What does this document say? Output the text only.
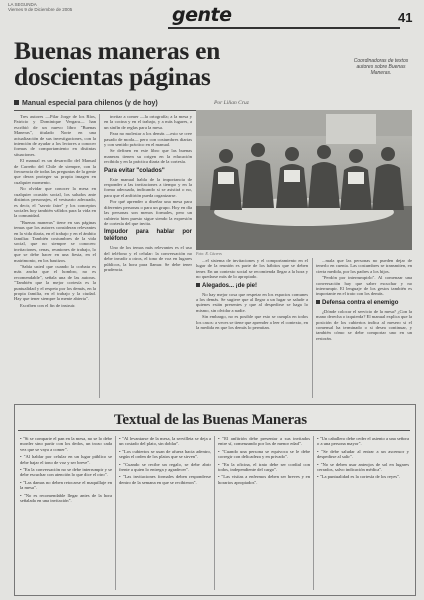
LA SEGUNDA
Viernes 9 de Diciembre de 2005	gente	41
Buenas maneras en doscientas páginas
Coordinadoras de textos autores sobre Buenas Maneras.
Manual especial para chilenos (y de hoy)	Por Lilian Cruz

Tres autores —Pilar Jorge de los Ríos, Patricio y Dominique Vergara— han escribió de un nuevo libro "Buenas Maneras", titulado Norte en una actualización de sus investigaciones, con la intención de ayudar a los lectores a conocer formas de comportamiento en distintas situaciones.

El manual es un desarrollo del Manual de Carreño del Chile de siempre, con la frecuencia de todas las preguntas de la gente que desea proteger su propia imagen en cualquier momento.

No olvidar que conocer la mesa en cualquier ocasión social, los saludos ante distintos personajes, el vestuario adecuado, es decir, el "savoir faire" y los conceptos sociales hoy también válidos para la vida en la comunidad.

"Buenas maneras" tiene en sus páginas temas que los autores consideran relevantes en la vida diaria, en el trabajo y en el ámbito familiar. También costumbres de la vida social, que no siempre se conocen: invitaciones, cenas, reuniones de trabajo, lo que se debe hacer en una fiesta, en el matrimonio, en los bautizos.

"Sabía usted que cuando la corbata es más ancha que el hombro, no es recomendable", señala una de las autoras. "También que la mejor cortesía es la puntualidad y el respeto por los demás, en la propia familia, en el trabajo y la ciudad. Hay que tener siempre la mente abierta".

Escriben con el fin de instruir.

invitar a comer —la ortografía; a la mesa y en la cocina y en el trabajo, y a más lugares, a un sinfín de reglas para la mesa.

Para no molestar a los demás —esto se cree pasado de moda— pero con costumbres diarias y con sentido práctico en el manual.

Se definen en este libro que las buenas maneras tienen su origen en la educación recibida y en la práctica diaria de la cortesía.

Para evitar "colados"

Este manual habla de la importancia de responder a las invitaciones a tiempo y en la forma adecuada, indicando si se asistirá o no, para que el anfitrión pueda organizarse.

Por qué aprender a diseñar una mesa para diferentes personas o para un grupo. Hoy en día las personas son menos formales, pero un cubierto bien puesto sigue siendo la expresión de cortesía del que invita.

Impudor para hablar por teléfono

Uno de los temas más relevantes es el uso del teléfono y el celular: la conversación no debe invadir a otros, el tono de voz en lugares públicos, la hora para llamar. Se debe tener prudencia.

Foto: R. Cáceres

...el sistema de invitaciones y el comportamiento en el lugar de la reunión es parte de los hábitos que se deben tener. En un contexto social se recomienda llegar a la hora y no quedarse más de lo apropiado.

Alegados... ¡de pie!

No hay mejor cosa que respetar en los espacios comunes a los demás. Se sugiere que al llegar a un lugar se salude a quienes están presentes y que al despedirse se haga lo mismo, sin olvidar a nadie.

Sin embargo, no es posible que esto se cumpla en todos los casos: a veces se tiene que aprender a leer el contexto, en la medida en que los demás lo permitan.

...mala que las personas no pueden dejar de tenerlo en cuenta. Las costumbres se transmiten, en cierta medida, por los padres a los hijos.

"Perdón por interrumpirlo". Al comenzar una conversación hay que saber escuchar y no interrumpir. El lenguaje de los gestos también es importante en el trato con los demás.

Defensa contra el enemigo

¿Dónde colocar el servicio de la mesa? ¿Con la mano derecha o izquierda? El manual explica que la posición de los cubiertos indica al mesero si el comensal ha terminado o si desea continuar, y también cómo se debe comportar uno en un restorán.

Textual de las Buenas Maneras

• "Si se comparte el pan en la mesa, no se lo debe morder sino partir con los dedos, un trozo cada vez que se vaya a comer".

• "Al hablar por celular en un lugar público se debe bajar el tono de voz y ser breve".

• "En la conversación no se debe interrumpir y se debe escuchar con atención lo que dice el otro".

• "Las damas no deben retocarse el maquillaje en la mesa".

• "No es recomendable llegar antes de la hora señalada en una invitación".

• "Al levantarse de la mesa, la servilleta se deja a un costado del plato, sin doblar".

• "Los cubiertos se usan de afuera hacia adentro, según el orden de los platos que se sirven".

• "Cuando se recibe un regalo, se debe abrir frente a quien lo entrega y agradecer".

• "Las invitaciones formales deben responderse dentro de la semana en que se recibieron".

• "El anfitrión debe presentar a sus invitados entre sí, comenzando por los de menor edad".

• "Cuando una persona se equivoca se le debe corregir con delicadeza y en privado".

• "En la oficina, el trato debe ser cordial con todos, independiente del cargo".

• "Las visitas a enfermos deben ser breves y en horarios apropiados".

• "Un caballero debe ceder el asiento a una señora o a una persona mayor".

• "Se debe saludar al entrar a un ascensor y despedirse al salir".

• "No se deben usar anteojos de sol en lugares cerrados, salvo indicación médica".

• "La puntualidad es la cortesía de los reyes".
